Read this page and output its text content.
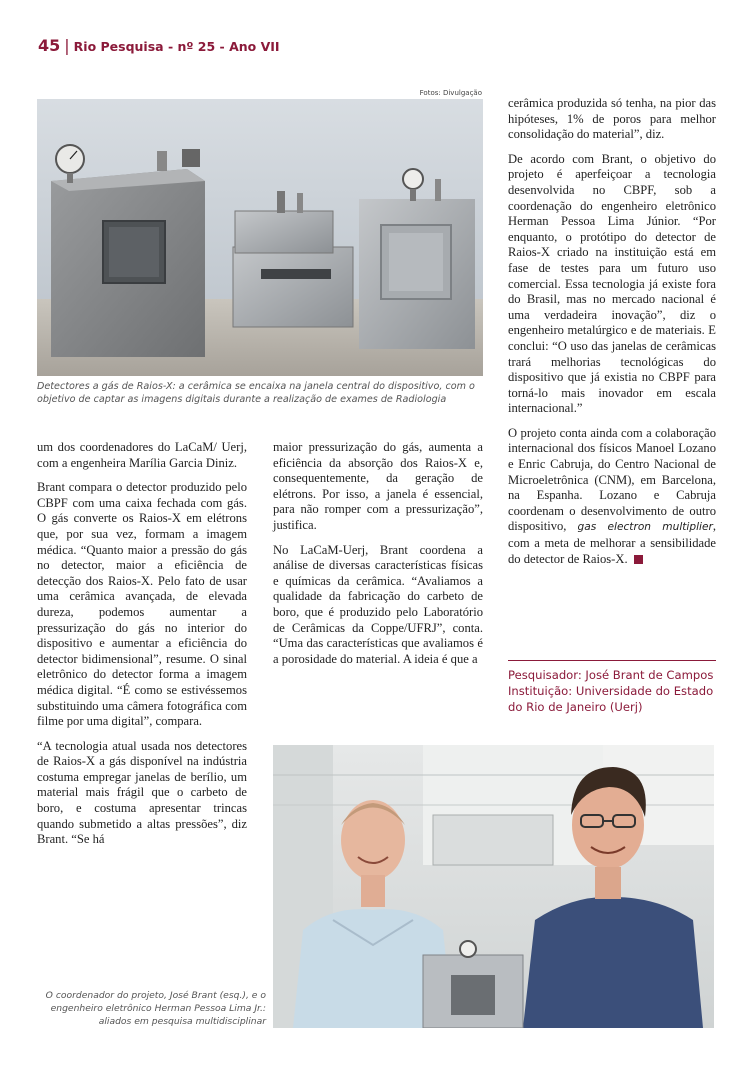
45 | Rio Pesquisa - nº 25 - Ano VII
Fotos: Divulgação
Detectores a gás de Raios-X: a cerâmica se encaixa na janela central do dispositivo, com o objetivo de captar as imagens digitais durante a realização de exames de Radiologia

um dos coordenadores do LaCaM/ Uerj, com a engenheira Marília Garcia Diniz.

Brant compara o detector produzido pelo CBPF com uma caixa fechada com gás. O gás converte os Raios-X em elétrons que, por sua vez, formam a imagem médica. “Quanto maior a pressão do gás no detector, maior a eficiência de detecção dos Raios-X. Pelo fato de usar uma cerâmica avançada, de elevada dureza, podemos aumentar a pressurização do gás no interior do dispositivo e aumentar a eficiência do detector bidimensional”, resume. O sinal eletrônico do detector forma a imagem médica digital. “É como se estivéssemos substituindo uma câmera fotográfica com filme por uma digital”, compara.

“A tecnologia atual usada nos detectores de Raios-X a gás disponível na indústria costuma empregar janelas de berílio, um material mais frágil que o carbeto de boro, e costuma apresentar trincas quando submetido a altas pressões”, diz Brant. “Se há

maior pressurização do gás, aumenta a eficiência da absorção dos Raios-X e, consequentemente, da geração de elétrons. Por isso, a janela é essencial, para não romper com a pressurização”, justifica.

No LaCaM-Uerj, Brant coordena a análise de diversas características físicas e químicas da cerâmica. “Avaliamos a qualidade da fabricação do carbeto de boro, que é produzido pelo Laboratório de Cerâmicas da Coppe/UFRJ”, conta. “Uma das características que avaliamos é a porosidade do material. A ideia é que a

cerâmica produzida só tenha, na pior das hipóteses, 1% de poros para melhor consolidação do material”, diz.

De acordo com Brant, o objetivo do projeto é aperfeiçoar a tecnologia desenvolvida no CBPF, sob a coordenação do engenheiro eletrônico Herman Pessoa Lima Júnior. “Por enquanto, o protótipo do detector de Raios-X criado na instituição está em fase de testes para um futuro uso comercial. Essa tecnologia já existe fora do Brasil, mas no mercado nacional é uma verdadeira inovação”, diz o engenheiro metalúrgico e de materiais. E conclui: “O uso das janelas de cerâmicas trará melhorias tecnológicas do dispositivo que já existia no CBPF para torná-lo mais inovador em escala internacional.”

O projeto conta ainda com a colaboração internacional dos físicos Manoel Lozano e Enric Cabruja, do Centro Nacional de Microeletrônica (CNM), em Barcelona, na Espanha. Lozano e Cabruja coordenam o desenvolvimento de outro dispositivo, gas electron multiplier, com a meta de melhorar a sensibilidade do detector de Raios-X.

Pesquisador: José Brant de Campos
Instituição: Universidade do Estado do Rio de Janeiro (Uerj)
O coordenador do projeto, José Brant (esq.), e o engenheiro eletrônico Herman Pessoa Lima Jr.: aliados em pesquisa multidisciplinar
